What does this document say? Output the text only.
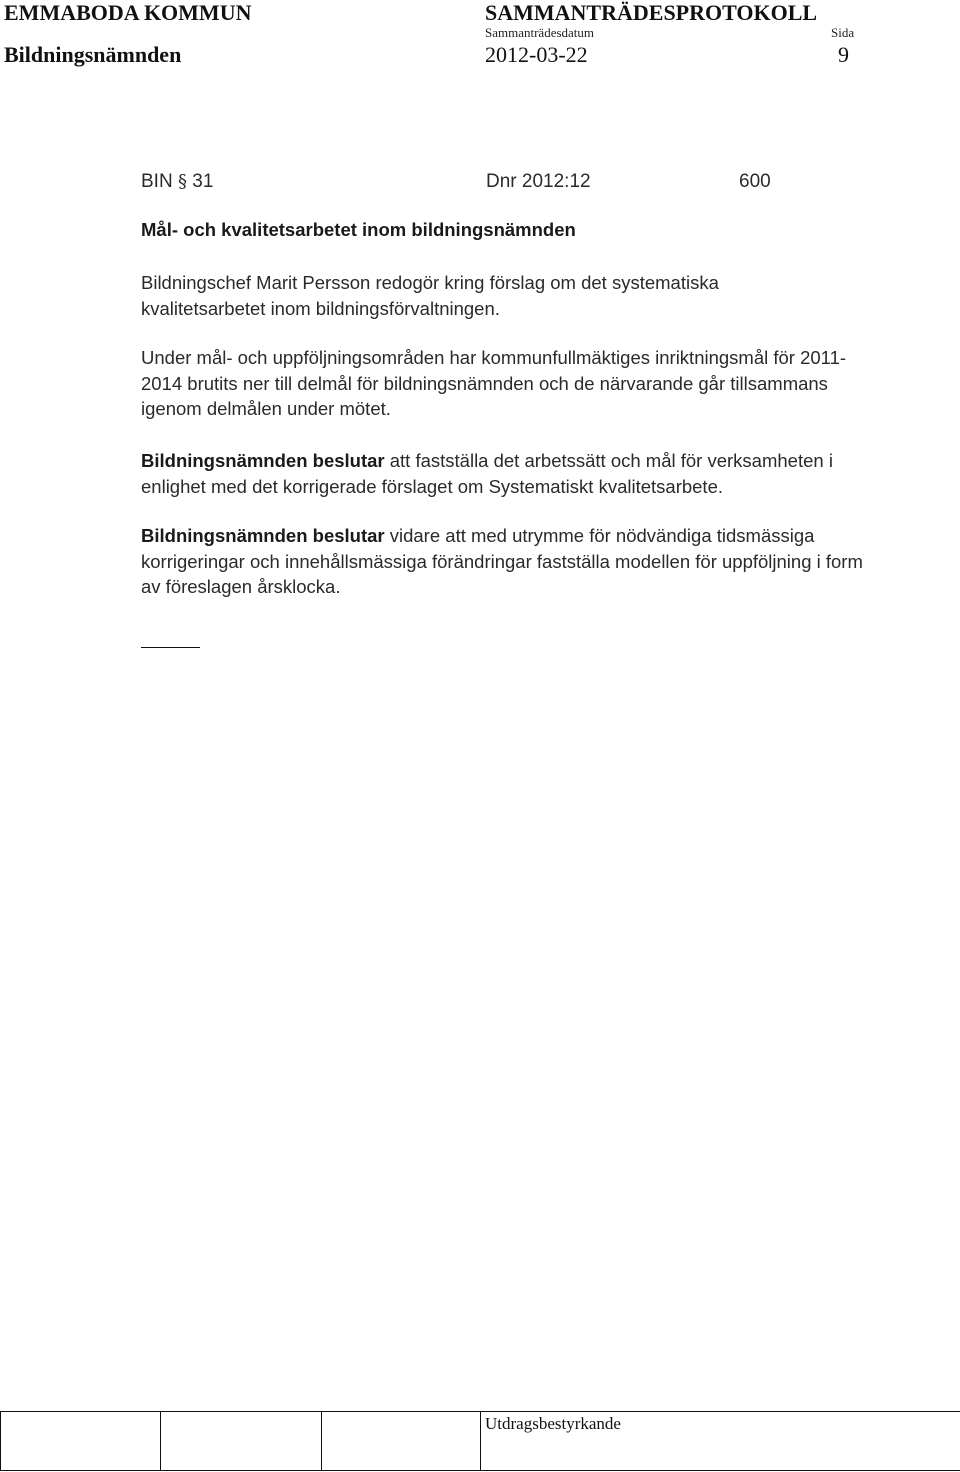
EMMABODA KOMMUN	SAMMANTRÄDESPROTOKOLL
Sammanträdesdatum	Sida
Bildningsnämnden	2012-03-22	9
BIN § 31	Dnr 2012:12	600
Mål- och kvalitetsarbetet inom bildningsnämnden

Bildningschef Marit Persson redogör kring förslag om det systematiska kvalitetsarbetet inom bildningsförvaltningen.

Under mål- och uppföljningsområden har kommunfullmäktiges inriktningsmål för 2011-2014 brutits ner till delmål för bildningsnämnden och de närvarande går tillsammans igenom delmålen under mötet.

Bildningsnämnden beslutar att fastställa det arbetssätt och mål för verksamheten i enlighet med det korrigerade förslaget om Systematiskt kvalitetsarbete.

Bildningsnämnden beslutar vidare att med utrymme för nödvändiga tidsmässiga korrigeringar och innehållsmässiga förändringar fastställa modellen för uppföljning i form av föreslagen årsklocka.

Utdragsbestyrkande
